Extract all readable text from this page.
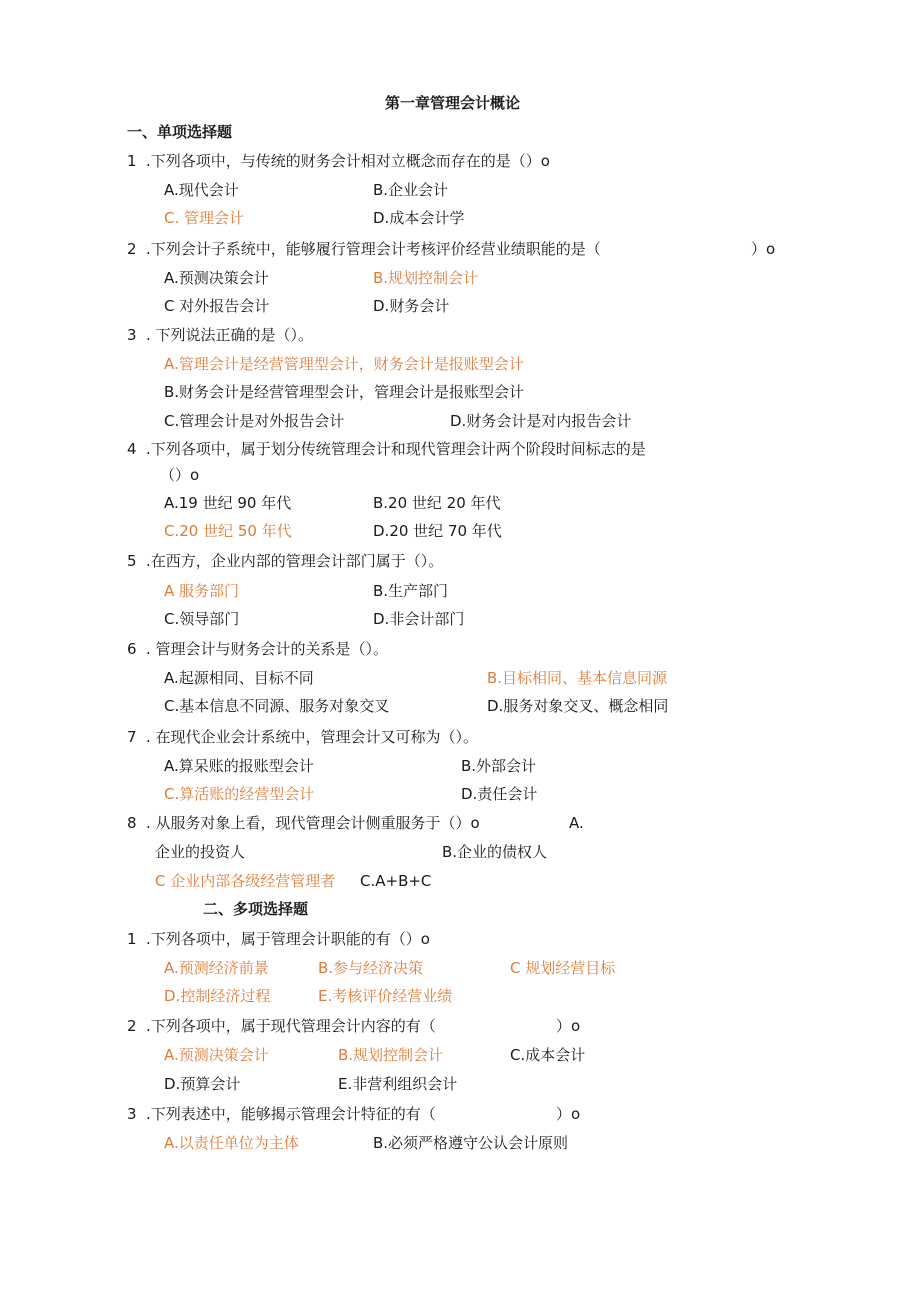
第一章管理会计概论
一、单项选择题
1 .下列各项中，与传统的财务会计相对立概念而存在的是（）o
A.现代会计	B.企业会计
C. 管理会计	D.成本会计学
2 .下列会计子系统中，能够履行管理会计考核评价经营业绩职能的是（	）o
A.预测决策会计	B.规划控制会计
C 对外报告会计	D.财务会计
3 . 下列说法正确的是（）。
A.管理会计是经营管理型会计，财务会计是报账型会计
B.财务会计是经营管理型会计，管理会计是报账型会计
C.管理会计是对外报告会计	D.财务会计是对内报告会计
4 .下列各项中，属于划分传统管理会计和现代管理会计两个阶段时间标志的是
（）o
A.19 世纪 90 年代	B.20 世纪 20 年代
C.20 世纪 50 年代	D.20 世纪 70 年代
5 .在西方，企业内部的管理会计部门属于（）。
A 服务部门	B.生产部门
C.领导部门	D.非会计部门
6 . 管理会计与财务会计的关系是（）。
A.起源相同、目标不同	B.目标相同、基本信息同源
C.基本信息不同源、服务对象交叉	D.服务对象交叉、概念相同
7 . 在现代企业会计系统中，管理会计又可称为（）。
A.算呆账的报账型会计	B.外部会计
C.算活账的经营型会计	D.责任会计
8 . 从服务对象上看，现代管理会计侧重服务于（）o	A.
企业的投资人	B.企业的债权人
C 企业内部各级经营管理者 C.A+B+C
二、多项选择题
1 .下列各项中，属于管理会计职能的有（）o
A.预测经济前景	B.参与经济决策	C 规划经营目标
D.控制经济过程	E.考核评价经营业绩
2 .下列各项中，属于现代管理会计内容的有（	）o
A.预测决策会计	B.规划控制会计	C.成本会计
D.预算会计	E.非营利组织会计
3 .下列表述中，能够揭示管理会计特征的有（	）o
A.以责任单位为主体	B.必须严格遵守公认会计原则
